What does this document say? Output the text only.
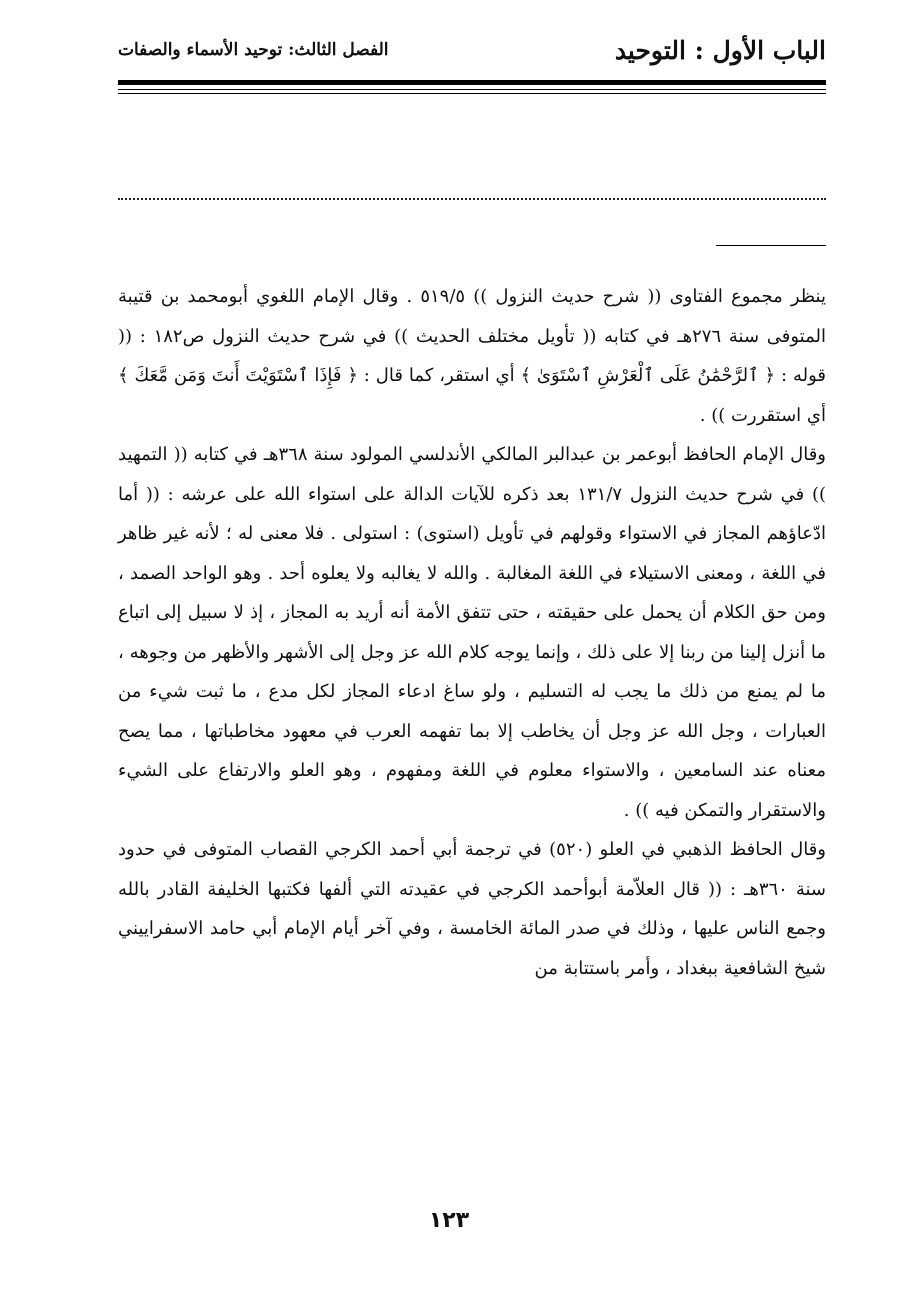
الباب الأول : التوحيد
الفصل الثالث: توحيد الأسماء والصفات

ينظر مجموع الفتاوى (( شرح حديث النزول )) ٥١٩/٥ . وقال الإمام اللغوي أبومحمد بن قتيبة المتوفى سنة ٢٧٦هـ في كتابه (( تأويل مختلف الحديث )) في شرح حديث النزول ص١٨٢ : (( قوله : ﴿ ٱلرَّحْمَٰنُ عَلَى ٱلْعَرْشِ ٱسْتَوَىٰ ﴾ أي استقر، كما قال : ﴿ فَإِذَا ٱسْتَوَيْتَ أَنتَ وَمَن مَّعَكَ ﴾ أي استقررت )) .

وقال الإمام الحافظ أبوعمر بن عبدالبر المالكي الأندلسي المولود سنة ٣٦٨هـ في كتابه (( التمهيد )) في شرح حديث النزول ١٣١/٧ بعد ذكره للآيات الدالة على استواء الله على عرشه : (( أما ادّعاؤهم المجاز في الاستواء وقولهم في تأويل (استوى) : استولى . فلا معنى له ؛ لأنه غير ظاهر في اللغة ، ومعنى الاستيلاء في اللغة المغالبة . والله لا يغالبه ولا يعلوه أحد . وهو الواحد الصمد ، ومن حق الكلام أن يحمل على حقيقته ، حتى تتفق الأمة أنه أريد به المجاز ، إذ لا سبيل إلى اتباع ما أنزل إلينا من ربنا إلا على ذلك ، وإنما يوجه كلام الله عز وجل إلى الأشهر والأظهر من وجوهه ، ما لم يمنع من ذلك ما يجب له التسليم ، ولو ساغ ادعاء المجاز لكل مدع ، ما ثبت شيء من العبارات ، وجل الله عز وجل أن يخاطب إلا بما تفهمه العرب في معهود مخاطباتها ، مما يصح معناه عند السامعين ، والاستواء معلوم في اللغة ومفهوم ، وهو العلو والارتفاع على الشيء والاستقرار والتمكن فيه )) .

وقال الحافظ الذهبي في العلو (٥٢٠) في ترجمة أبي أحمد الكرجي القصاب المتوفى في حدود سنة ٣٦٠هـ : (( قال العلاّمة أبوأحمد الكرجي في عقيدته التي ألفها فكتبها الخليفة القادر بالله وجمع الناس عليها ، وذلك في صدر المائة الخامسة ، وفي آخر أيام الإمام أبي حامد الاسفراييني شيخ الشافعية ببغداد ، وأمر باستتابة من

١٢٣
